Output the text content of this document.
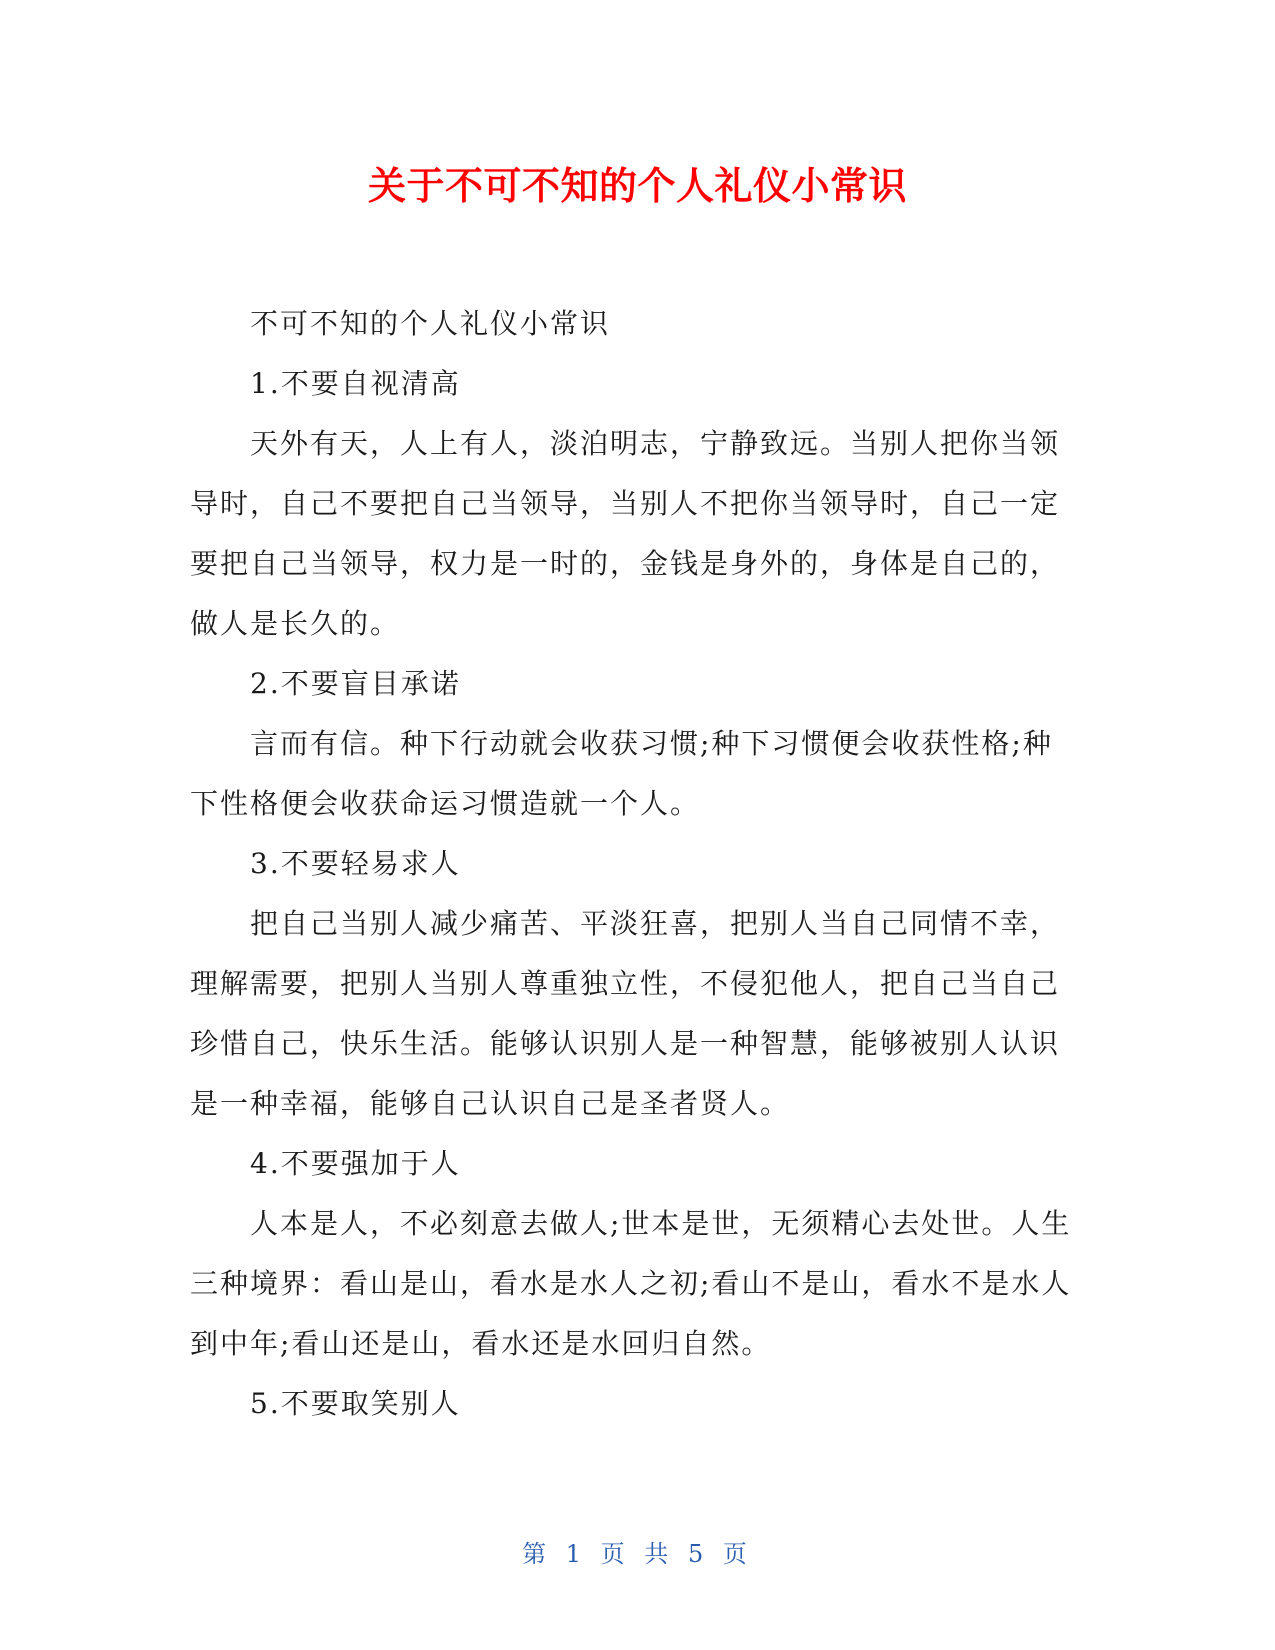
关于不可不知的个人礼仪小常识

不可不知的个人礼仪小常识

1.不要自视清高

天外有天，人上有人，淡泊明志，宁静致远。当别人把你当领导时，自己不要把自己当领导，当别人不把你当领导时，自己一定要把自己当领导，权力是一时的，金钱是身外的，身体是自己的，做人是长久的。

2.不要盲目承诺

言而有信。种下行动就会收获习惯;种下习惯便会收获性格;种下性格便会收获命运习惯造就一个人。

3.不要轻易求人

把自己当别人减少痛苦、平淡狂喜，把别人当自己同情不幸，理解需要，把别人当别人尊重独立性，不侵犯他人，把自己当自己珍惜自己，快乐生活。能够认识别人是一种智慧，能够被别人认识是一种幸福，能够自己认识自己是圣者贤人。

4.不要强加于人

人本是人，不必刻意去做人;世本是世，无须精心去处世。人生三种境界：看山是山，看水是水人之初;看山不是山，看水不是水人到中年;看山还是山，看水还是水回归自然。

5.不要取笑别人

第 1 页 共 5 页
